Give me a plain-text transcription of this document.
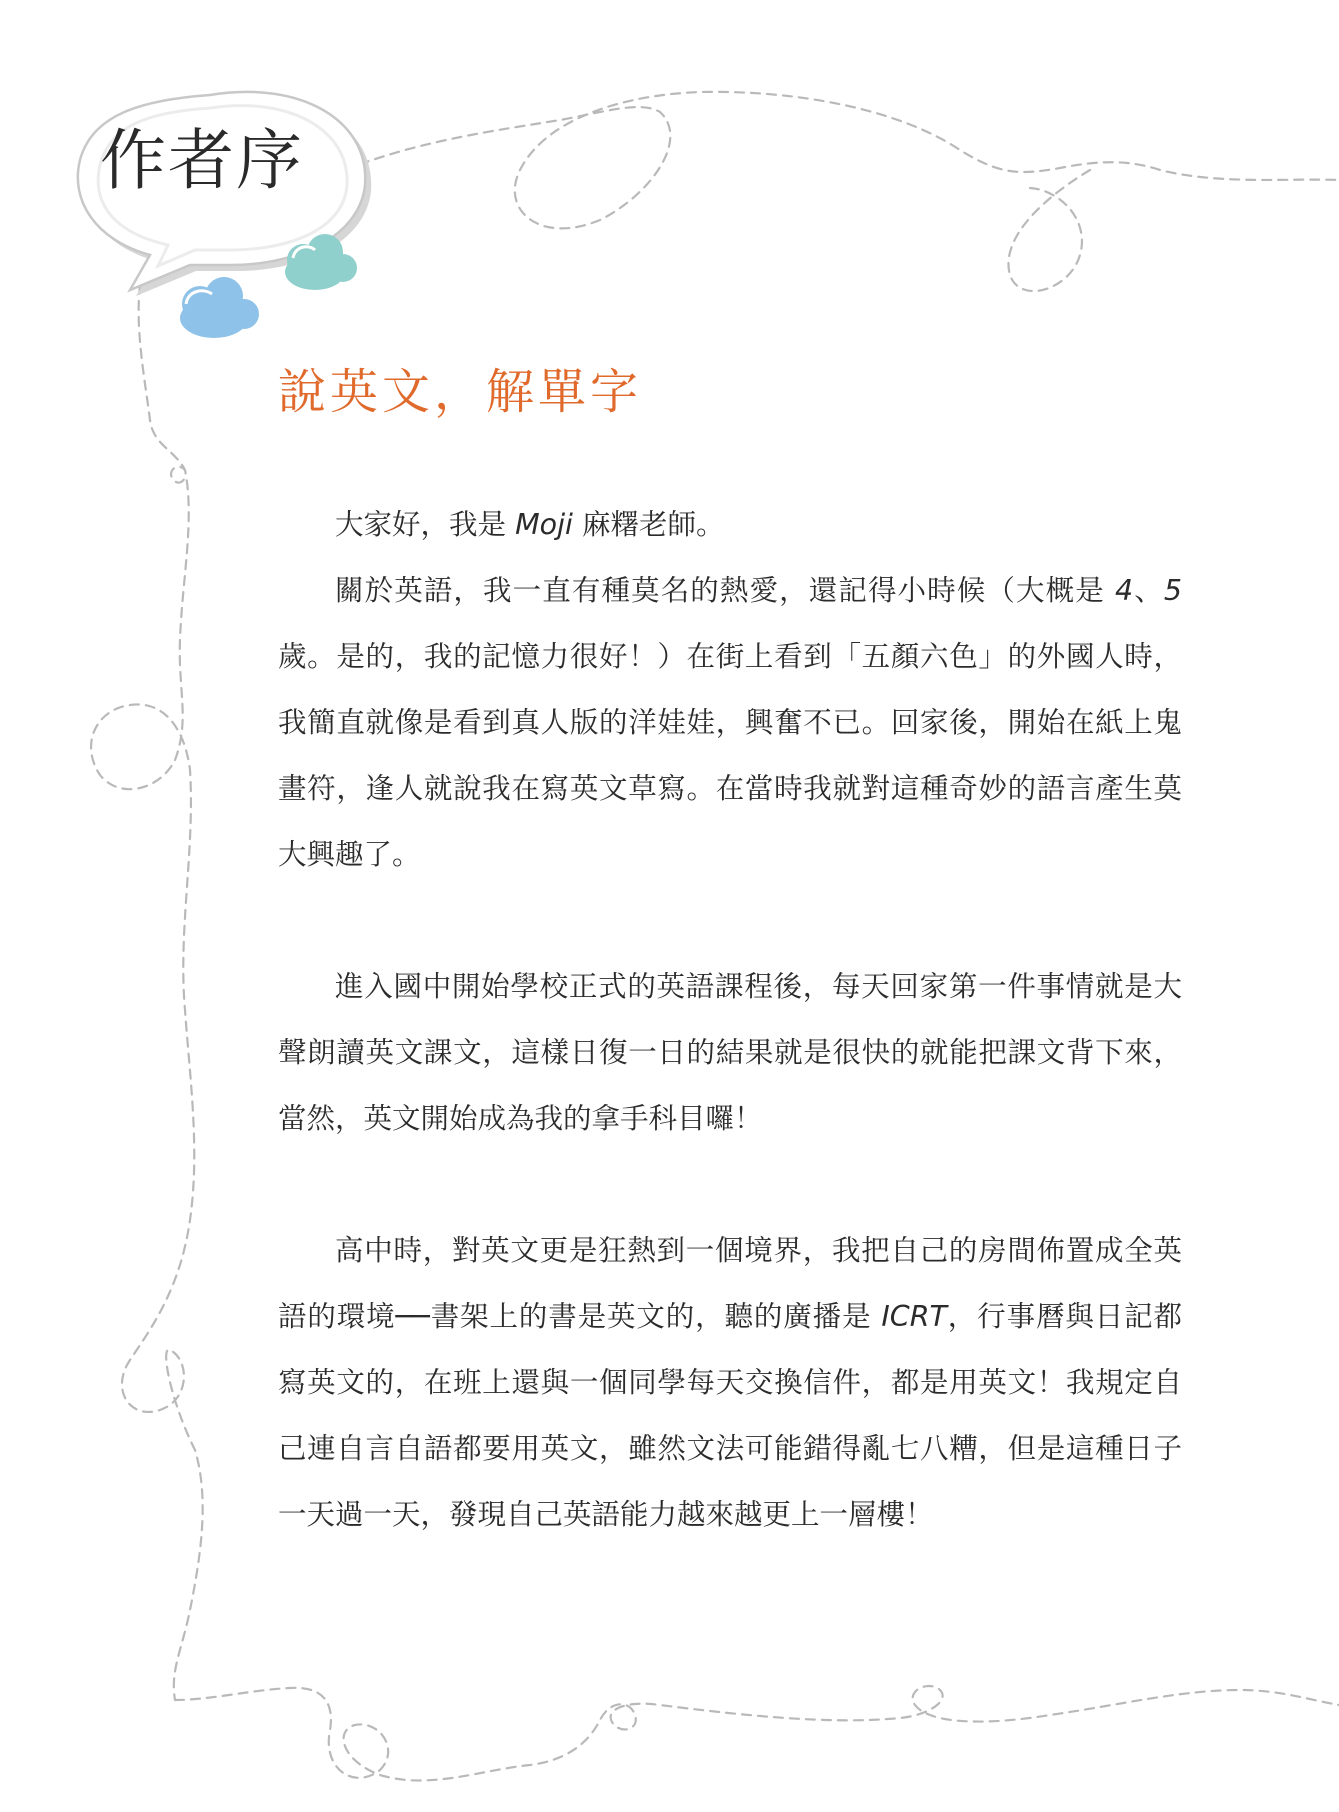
作者序
說英文，解單字

大家好，我是 Moji 麻糬老師。

關於英語，我一直有種莫名的熱愛，還記得小時候（大概是 4、5 歲。是的，我的記憶力很好！）在街上看到「五顏六色」的外國人時，我簡直就像是看到真人版的洋娃娃，興奮不已。回家後，開始在紙上鬼畫符，逢人就說我在寫英文草寫。在當時我就對這種奇妙的語言產生莫大興趣了。

進入國中開始學校正式的英語課程後，每天回家第一件事情就是大聲朗讀英文課文，這樣日復一日的結果就是很快的就能把課文背下來，當然，英文開始成為我的拿手科目囉！

高中時，對英文更是狂熱到一個境界，我把自己的房間佈置成全英語的環境──書架上的書是英文的，聽的廣播是 ICRT，行事曆與日記都寫英文的，在班上還與一個同學每天交換信件，都是用英文！我規定自己連自言自語都要用英文，雖然文法可能錯得亂七八糟，但是這種日子一天過一天，發現自己英語能力越來越更上一層樓！
